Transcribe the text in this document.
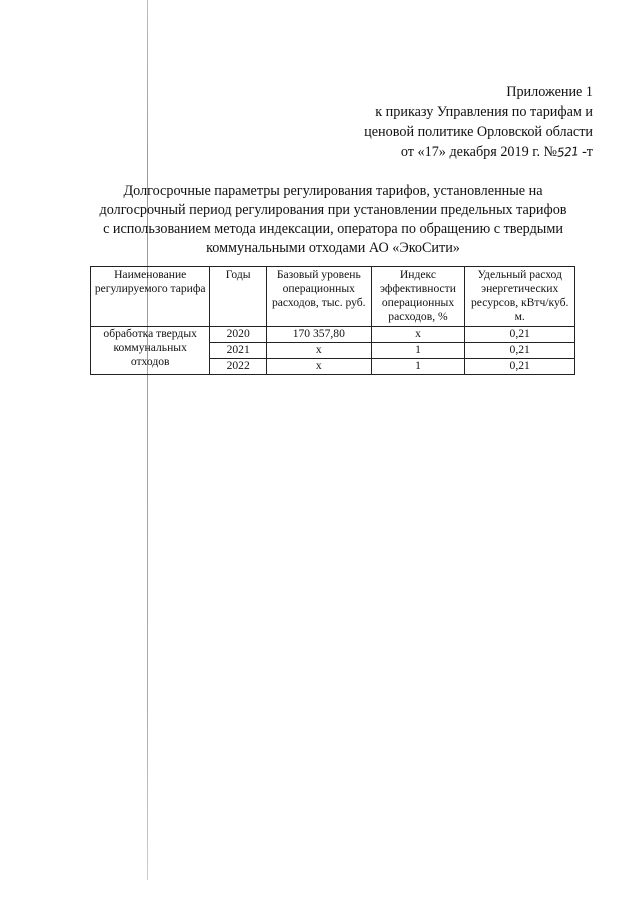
Приложение 1
к приказу Управления по тарифам и
ценовой политике Орловской области
от «17» декабря 2019 г. №521 -т
Долгосрочные параметры регулирования тарифов, установленные на
долгосрочный период регулирования при установлении предельных тарифов
с использованием метода индексации, оператора по обращению с твердыми
коммунальными отходами АО «ЭкоСити»
Наименование регулируемого тарифа	Годы	Базовый уровень операционных расходов, тыс. руб.	Индекс эффективности операционных расходов, %	Удельный расход энергетических ресурсов, кВтч/куб. м.
обработка твердых коммунальных отходов	2020	170 357,80	х	0,21
	2021	х	1	0,21
	2022	х	1	0,21
